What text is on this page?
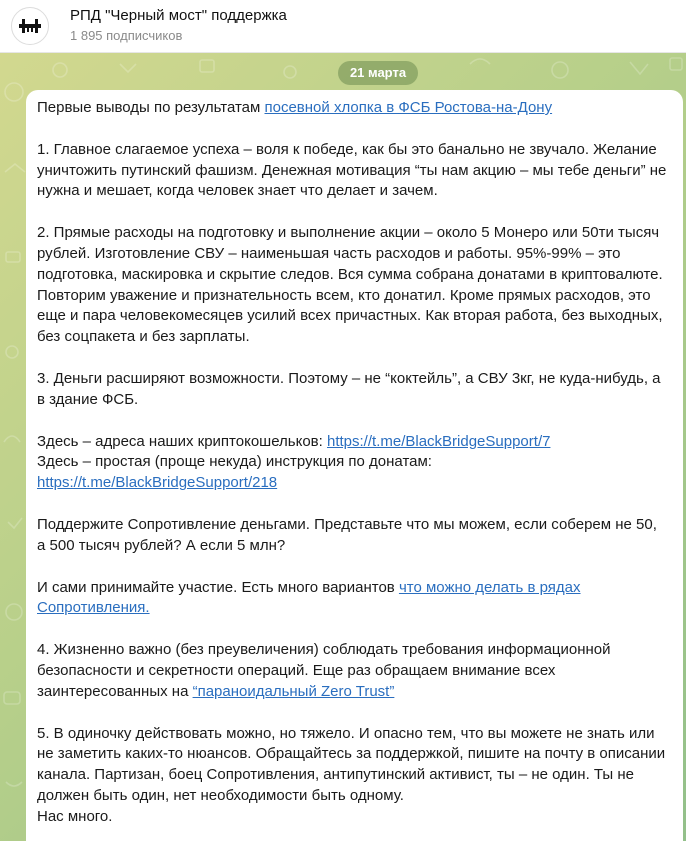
РПД "Черный мост" поддержка
1 895 подписчиков
21 марта

Первые выводы по результатам посевной хлопка в ФСБ Ростова-на-Дону

1. Главное слагаемое успеха – воля к победе, как бы это банально не звучало. Желание уничтожить путинский фашизм. Денежная мотивация “ты нам акцию – мы тебе деньги” не нужна и мешает, когда человек знает что делает и зачем.

2. Прямые расходы на подготовку и выполнение акции – около 5 Монеро или 50ти тысяч рублей. Изготовление СВУ – наименьшая часть расходов и работы. 95%-99% – это подготовка, маскировка и скрытие следов. Вся сумма собрана донатами в криптовалюте. Повторим уважение и признательность всем, кто донатил. Кроме прямых расходов, это еще и пара человекомесяцев усилий всех причастных. Как вторая работа, без выходных, без соцпакета и без зарплаты.

3. Деньги расширяют возможности. Поэтому – не “коктейль”, а СВУ 3кг, не куда-нибудь, а в здание ФСБ.

Здесь – адреса наших криптокошельков: https://t.me/BlackBridgeSupport/7
Здесь – простая (проще некуда) инструкция по донатам:
https://t.me/BlackBridgeSupport/218

Поддержите Сопротивление деньгами. Представьте что мы можем, если соберем не 50, а 500 тысяч рублей? А если 5 млн?

И сами принимайте участие. Есть много вариантов что можно делать в рядах Сопротивления.

4. Жизненно важно (без преувеличения) соблюдать требования информационной безопасности и секретности операций. Еще раз обращаем внимание всех заинтересованных на “параноидальный Zero Trust”

5. В одиночку действовать можно, но тяжело. И опасно тем, что вы можете не знать или не заметить каких-то нюансов. Обращайтесь за поддержкой, пишите на почту в описании канала. Партизан, боец Сопротивления, антипутинский активист, ты – не один. Ты не должен быть один, нет необходимости быть одному.

Нас много.
